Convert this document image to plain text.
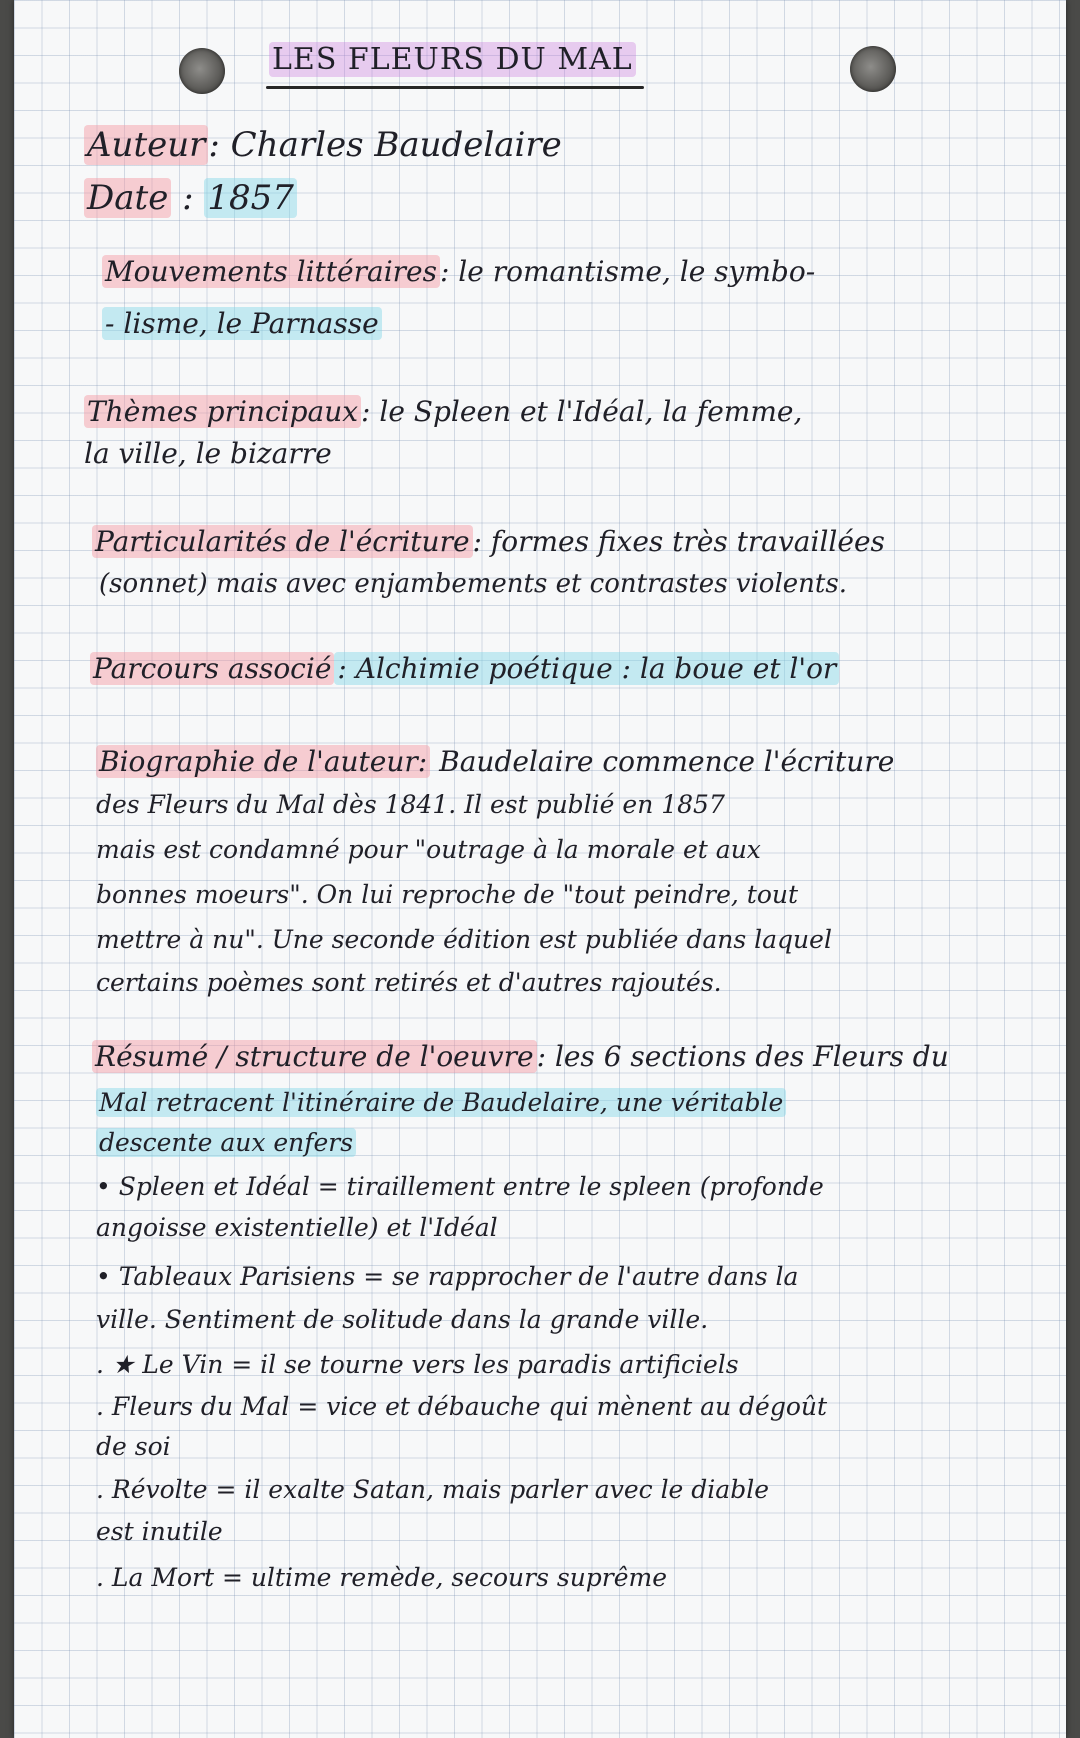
LES FLEURS DU MAL

Auteur: Charles Baudelaire

Date : 1857

Mouvements littéraires : le romantisme, le symbo-

- lisme, le Parnasse

Thèmes principaux : le Spleen et l'Idéal, la femme,

la ville, le bizarre

Particularités de l'écriture : formes fixes très travaillées

(sonnet) mais avec enjambements et contrastes violents.

Parcours associé : Alchimie poétique : la boue et l'or

Biographie de l'auteur: Baudelaire commence l'écriture

des Fleurs du Mal dès 1841. Il est publié en 1857

mais est condamné pour "outrage à la morale et aux

bonnes moeurs". On lui reproche de "tout peindre, tout

mettre à nu". Une seconde édition est publiée dans laquel

certains poèmes sont retirés et d'autres rajoutés.

Résumé / structure de l'oeuvre : les 6 sections des Fleurs du

Mal retracent l'itinéraire de Baudelaire, une véritable

descente aux enfers

• Spleen et Idéal = tiraillement entre le spleen (profonde

angoisse existentielle) et l'Idéal

• Tableaux Parisiens = se rapprocher de l'autre dans la

ville. Sentiment de solitude dans la grande ville.

. ★ Le Vin = il se tourne vers les paradis artificiels

. Fleurs du Mal = vice et débauche qui mènent au dégoût

de soi

. Révolte = il exalte Satan, mais parler avec le diable

est inutile

. La Mort = ultime remède, secours suprême
